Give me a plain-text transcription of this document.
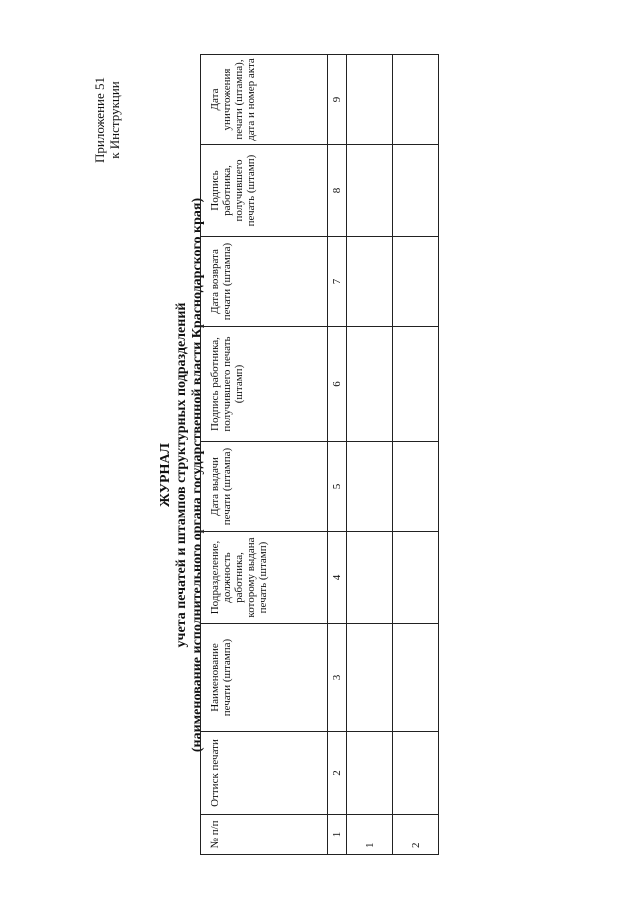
Приложение 51 к Инструкции
ЖУРНАЛ учета печатей и штампов структурных подразделений (наименование исполнительного органа государственной власти Краснодарского края)
№ п/п	Оттиск печати	Наименование печати (штампа)	Подразделение, должность работника, которому выдана печать (штамп)	Дата выдачи печати (штампа)	Подпись работника, получившего печать (штамп)	Дата возврата печати (штампа)	Подпись работника, получившего печать (штамп)	Дата уничтожения печати (штампа), дата и номер акта
1	2	3	4	5	6	7	8	9
1								
2								
